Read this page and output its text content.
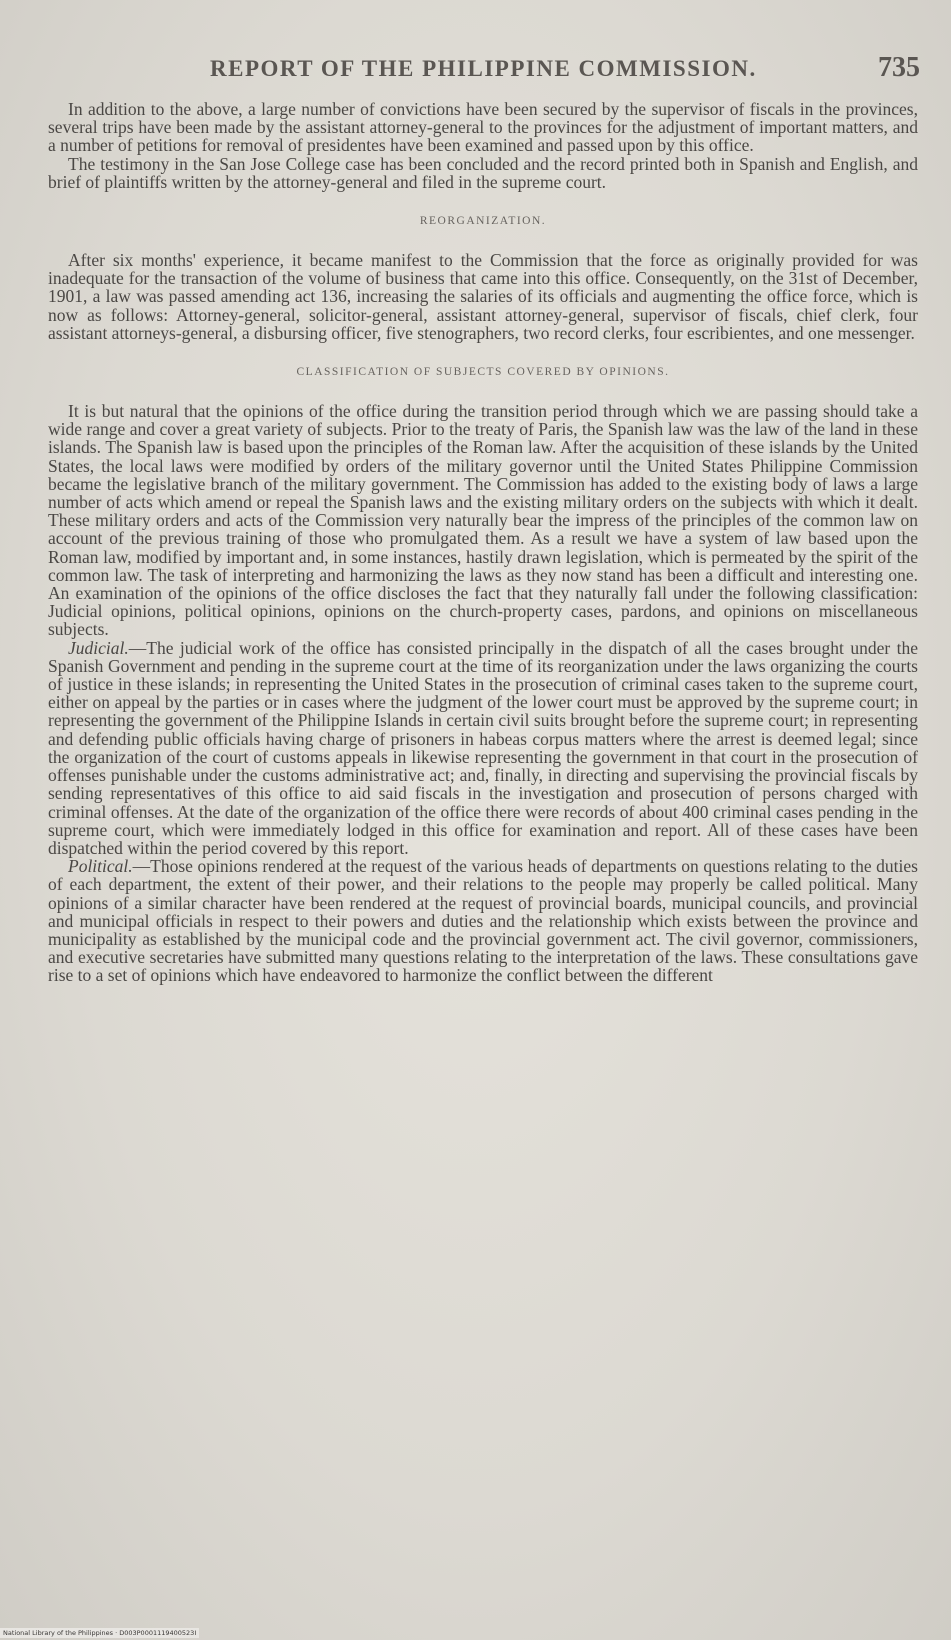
REPORT OF THE PHILIPPINE COMMISSION.	735

In addition to the above, a large number of convictions have been secured by the supervisor of fiscals in the provinces, several trips have been made by the assistant attorney-general to the provinces for the adjustment of important matters, and a number of petitions for removal of presidentes have been examined and passed upon by this office.

The testimony in the San Jose College case has been concluded and the record printed both in Spanish and English, and brief of plaintiffs written by the attorney-general and filed in the supreme court.

REORGANIZATION.

After six months' experience, it became manifest to the Commission that the force as originally provided for was inadequate for the transaction of the volume of business that came into this office. Consequently, on the 31st of December, 1901, a law was passed amending act 136, increasing the salaries of its officials and augmenting the office force, which is now as follows: Attorney-general, solicitor-general, assistant attorney-general, supervisor of fiscals, chief clerk, four assistant attorneys-general, a disbursing officer, five stenographers, two record clerks, four escribientes, and one messenger.

CLASSIFICATION OF SUBJECTS COVERED BY OPINIONS.

It is but natural that the opinions of the office during the transition period through which we are passing should take a wide range and cover a great variety of subjects. Prior to the treaty of Paris, the Spanish law was the law of the land in these islands. The Spanish law is based upon the principles of the Roman law. After the acquisition of these islands by the United States, the local laws were modified by orders of the military governor until the United States Philippine Commission became the legislative branch of the military government. The Commission has added to the existing body of laws a large number of acts which amend or repeal the Spanish laws and the existing military orders on the subjects with which it dealt. These military orders and acts of the Commission very naturally bear the impress of the principles of the common law on account of the previous training of those who promulgated them. As a result we have a system of law based upon the Roman law, modified by important and, in some instances, hastily drawn legislation, which is permeated by the spirit of the common law. The task of interpreting and harmonizing the laws as they now stand has been a difficult and interesting one. An examination of the opinions of the office discloses the fact that they naturally fall under the following classification: Judicial opinions, political opinions, opinions on the church-property cases, pardons, and opinions on miscellaneous subjects.

Judicial.—The judicial work of the office has consisted principally in the dispatch of all the cases brought under the Spanish Government and pending in the supreme court at the time of its reorganization under the laws organizing the courts of justice in these islands; in representing the United States in the prosecution of criminal cases taken to the supreme court, either on appeal by the parties or in cases where the judgment of the lower court must be approved by the supreme court; in representing the government of the Philippine Islands in certain civil suits brought before the supreme court; in representing and defending public officials having charge of prisoners in habeas corpus matters where the arrest is deemed legal; since the organization of the court of customs appeals in likewise representing the government in that court in the prosecution of offenses punishable under the customs administrative act; and, finally, in directing and supervising the provincial fiscals by sending representatives of this office to aid said fiscals in the investigation and prosecution of persons charged with criminal offenses. At the date of the organization of the office there were records of about 400 criminal cases pending in the supreme court, which were immediately lodged in this office for examination and report. All of these cases have been dispatched within the period covered by this report.

Political.—Those opinions rendered at the request of the various heads of departments on questions relating to the duties of each department, the extent of their power, and their relations to the people may properly be called political. Many opinions of a similar character have been rendered at the request of provincial boards, municipal councils, and provincial and municipal officials in respect to their powers and duties and the relationship which exists between the province and municipality as established by the municipal code and the provincial government act. The civil governor, commissioners, and executive secretaries have submitted many questions relating to the interpretation of the laws. These consultations gave rise to a set of opinions which have endeavored to harmonize the conflict between the different

National Library of the Philippines · D003P0001119400523I
